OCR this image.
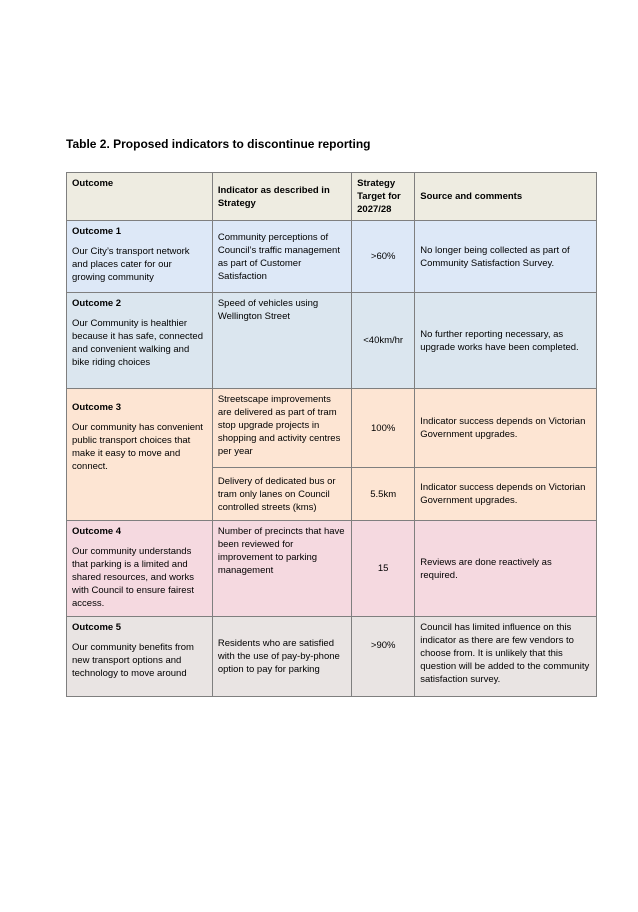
Table 2. Proposed indicators to discontinue reporting
Outcome	Indicator as described in Strategy	Strategy Target for 2027/28	Source and comments

Outcome 1
Our City’s transport network and places cater for our growing community	Community perceptions of Council’s traffic management as part of Customer Satisfaction	>60%	No longer being collected as part of Community Satisfaction Survey.

Outcome 2
Our Community is healthier because it has safe, connected and convenient walking and bike riding choices	Speed of vehicles using Wellington Street	<40km/hr	No further reporting necessary, as upgrade works have been completed.

Outcome 3
Our community has convenient public transport choices that make it easy to move and connect.	Streetscape improvements are delivered as part of tram stop upgrade projects in shopping and activity centres per year	100%	Indicator success depends on Victorian Government upgrades.
	Delivery of dedicated bus or tram only lanes on Council controlled streets (kms)	5.5km	Indicator success depends on Victorian Government upgrades.

Outcome 4
Our community understands that parking is a limited and shared resources, and works with Council to ensure fairest access.	Number of precincts that have been reviewed for improvement to parking management	15	Reviews are done reactively as required.

Outcome 5
Our community benefits from new transport options and technology to move around	Residents who are satisfied with the use of pay-by-phone option to pay for parking	>90%	Council has limited influence on this indicator as there are few vendors to choose from. It is unlikely that this question will be added to the community satisfaction survey.
